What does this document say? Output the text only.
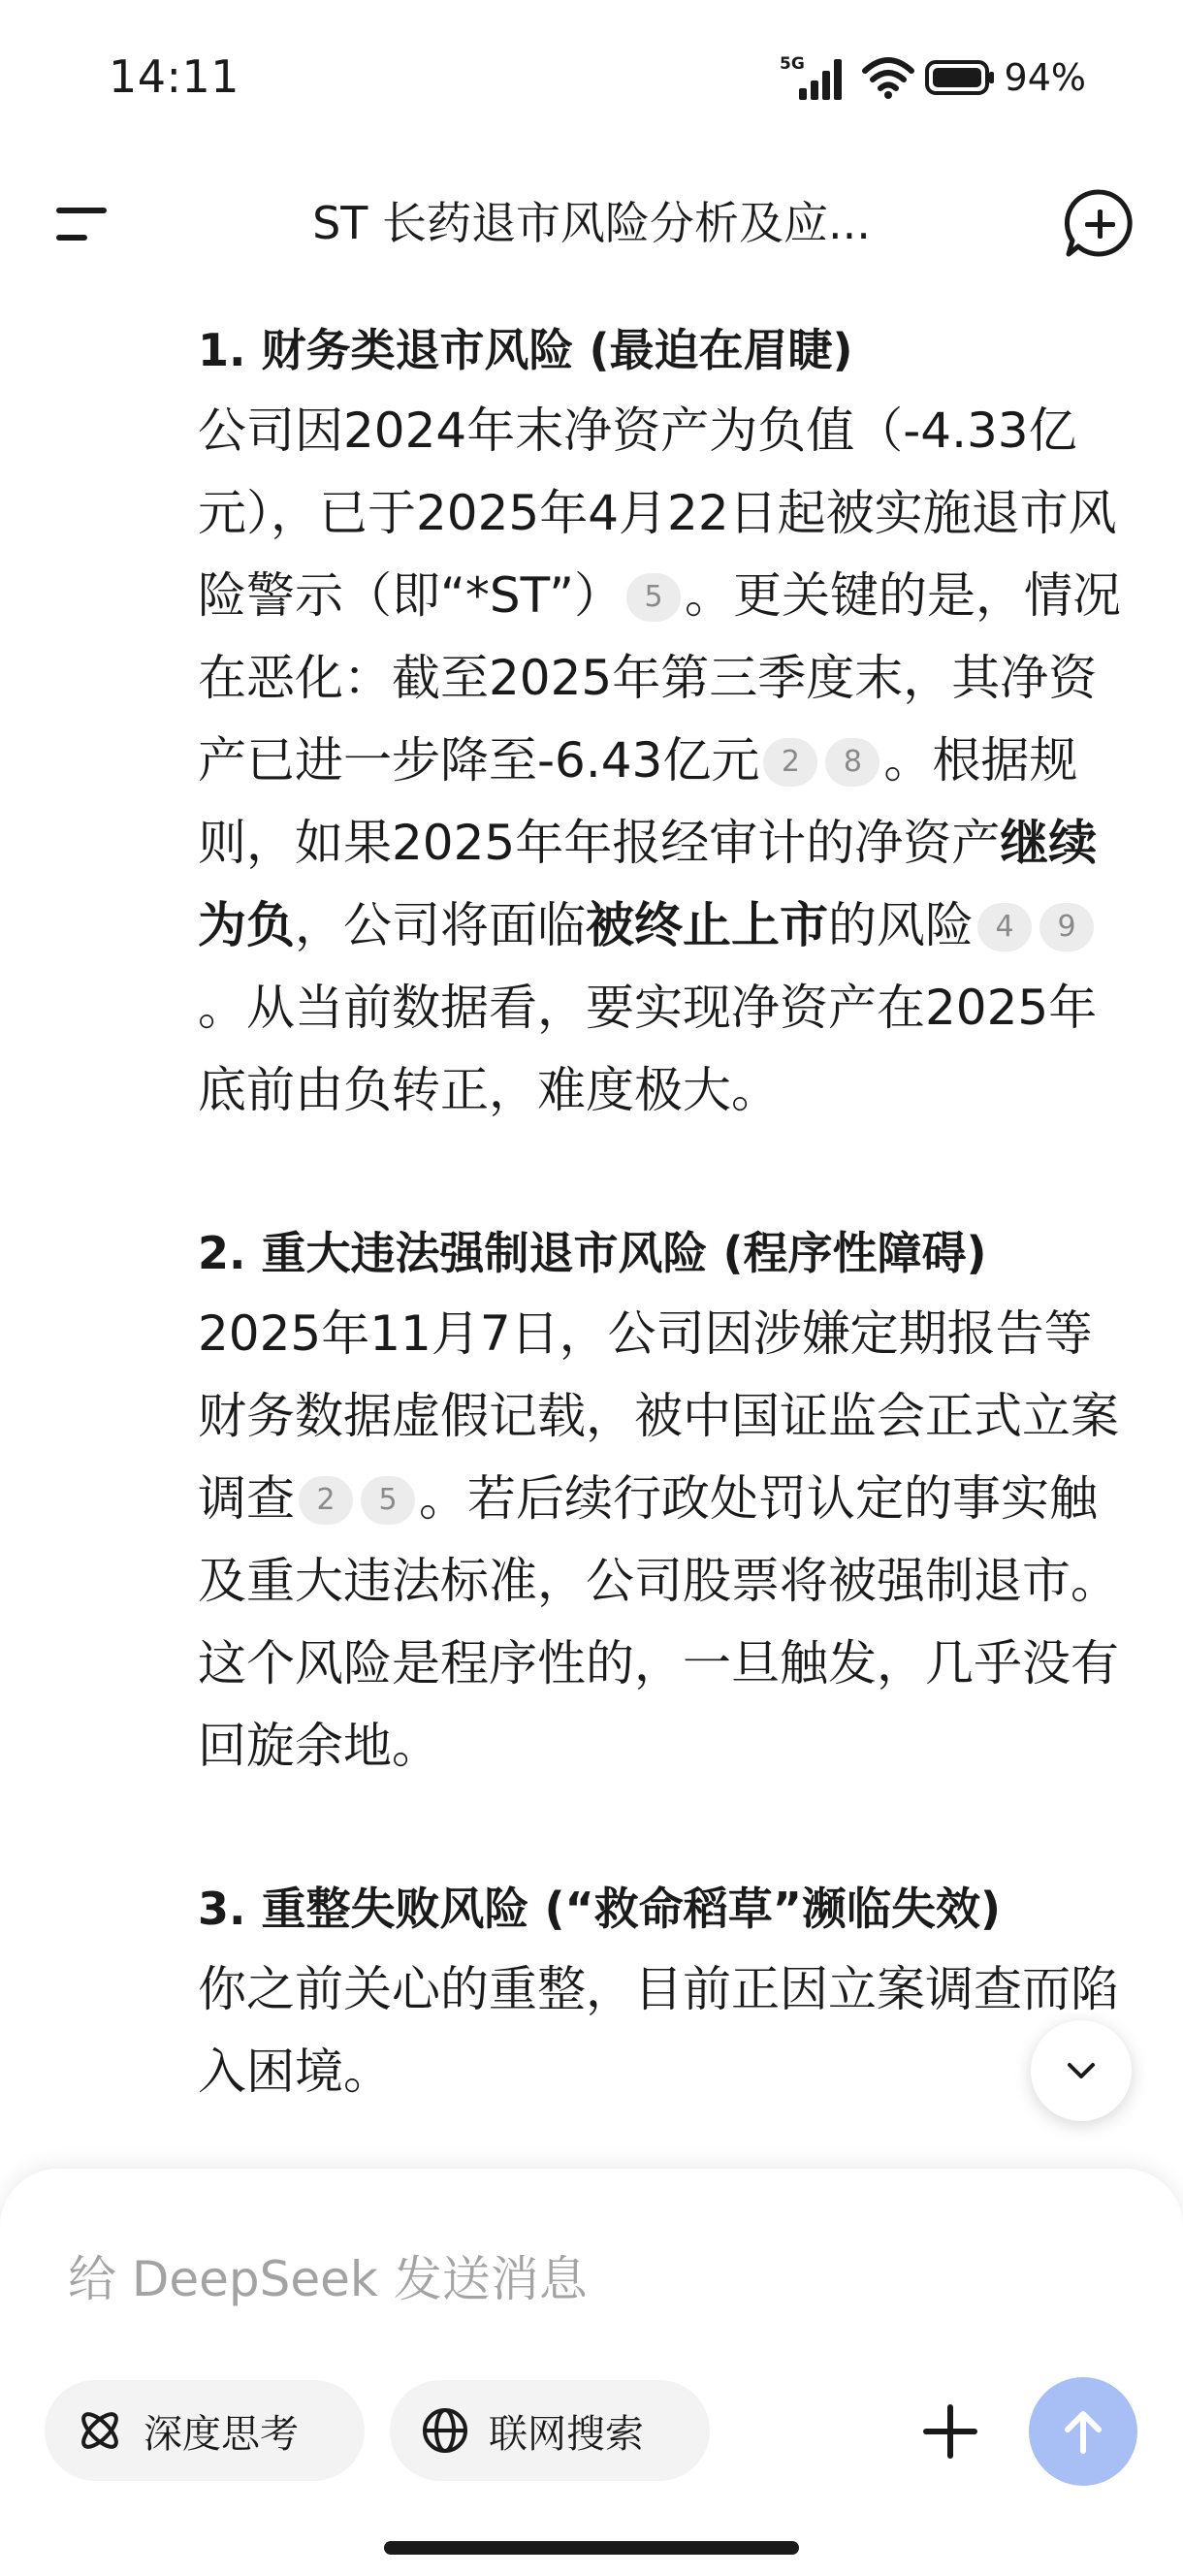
14:11	5G	94%
ST 长药退市风险分析及应...
1. 财务类退市风险 (最迫在眉睫)

公司因2024年末净资产为负值（-4.33亿元），已于2025年4月22日起被实施退市风险警示（即“*ST”） 5 。更关键的是，情况在恶化：截至2025年第三季度末，其净资产已进一步降至-6.43亿元 2 8 。根据规则，如果2025年年报经审计的净资产继续为负，公司将面临被终止上市的风险 4 9。从当前数据看，要实现净资产在2025年底前由负转正，难度极大。

2. 重大违法强制退市风险 (程序性障碍)

2025年11月7日，公司因涉嫌定期报告等财务数据虚假记载，被中国证监会正式立案调查 2 5 。若后续行政处罚认定的事实触及重大违法标准，公司股票将被强制退市。这个风险是程序性的，一旦触发，几乎没有回旋余地。

3. 重整失败风险 (“救命稻草”濒临失效)

你之前关心的重整，目前正因立案调查而陷入困境。

给 DeepSeek 发送消息
深度思考	联网搜索
